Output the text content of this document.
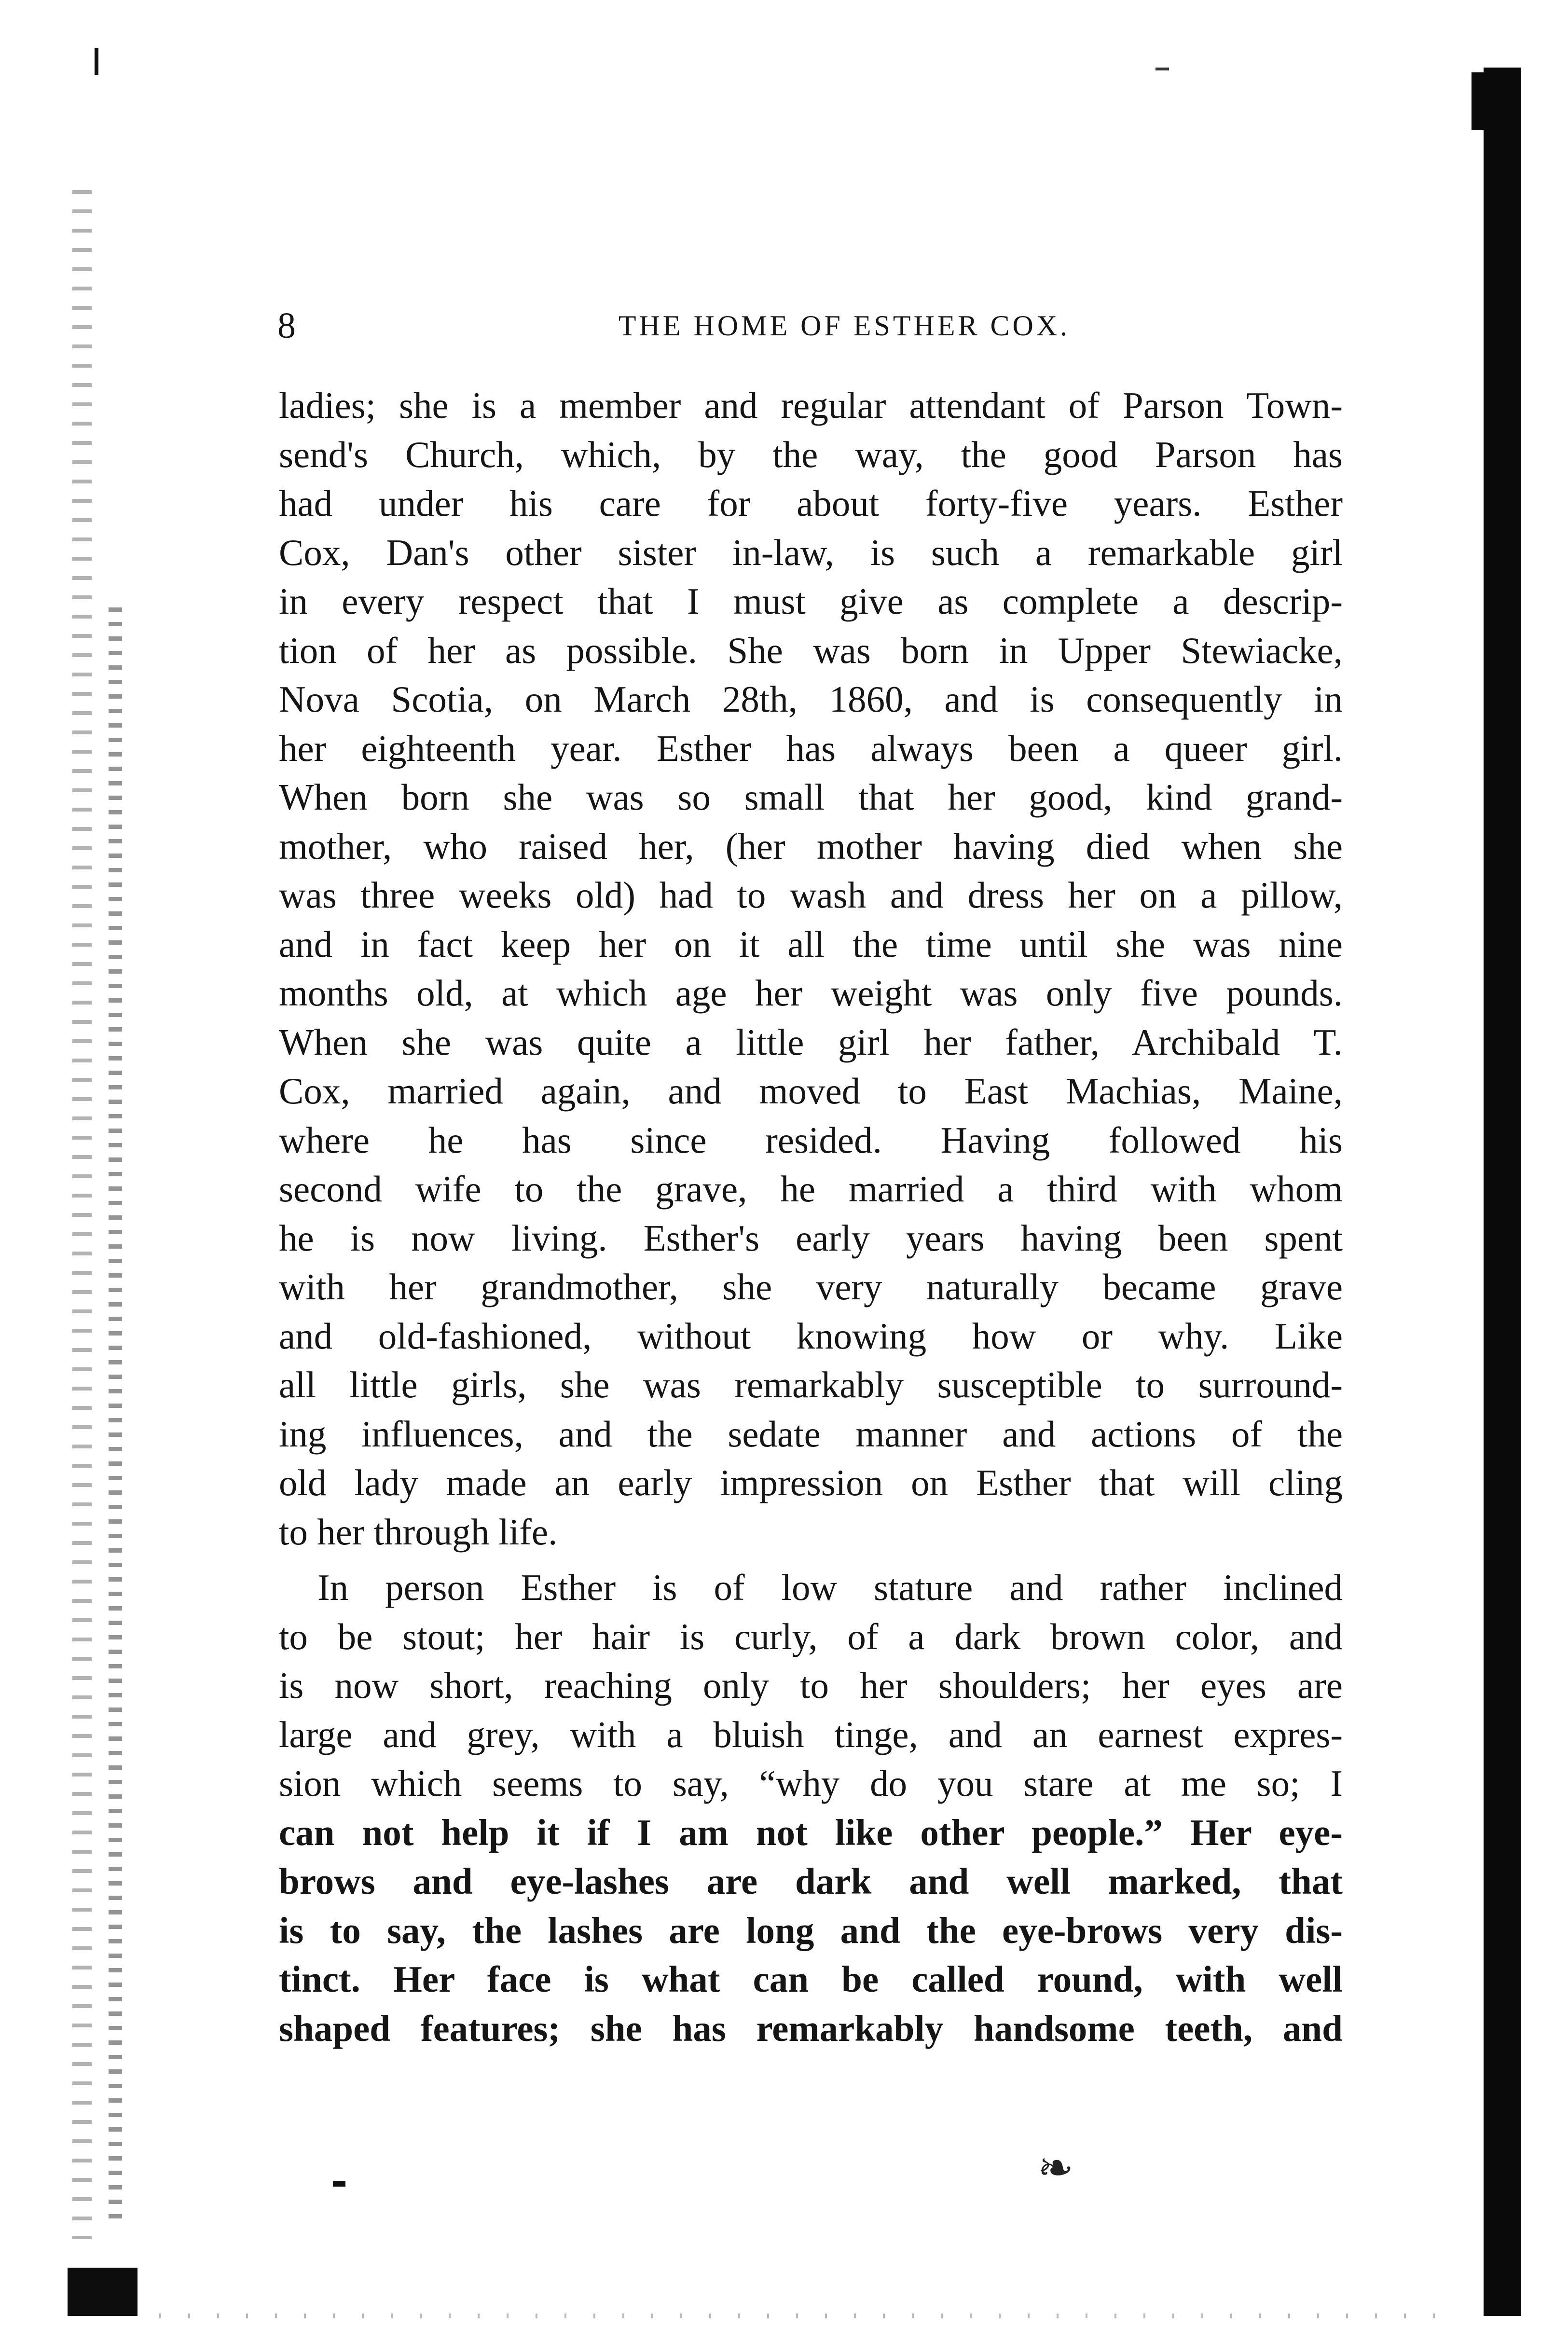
❧
8	THE HOME OF ESTHER COX.
ladies; she is a member and regular attendant of Parson Town-
send's Church, which, by the way, the good Parson has
had under his care for about forty-five years. Esther
Cox, Dan's other sister in-law, is such a remarkable girl
in every respect that I must give as complete a descrip-
tion of her as possible. She was born in Upper Stewiacke,
Nova Scotia, on March 28th, 1860, and is consequently in
her eighteenth year. Esther has always been a queer girl.
When born she was so small that her good, kind grand-
mother, who raised her, (her mother having died when she
was three weeks old) had to wash and dress her on a pillow,
and in fact keep her on it all the time until she was nine
months old, at which age her weight was only five pounds.
When she was quite a little girl her father, Archibald T.
Cox, married again, and moved to East Machias, Maine,
where he has since resided. Having followed his
second wife to the grave, he married a third with whom
he is now living. Esther's early years having been spent
with her grandmother, she very naturally became grave
and old-fashioned, without knowing how or why. Like
all little girls, she was remarkably susceptible to surround-
ing influences, and the sedate manner and actions of the
old lady made an early impression on Esther that will cling
to her through life.
In person Esther is of low stature and rather inclined
to be stout; her hair is curly, of a dark brown color, and
is now short, reaching only to her shoulders; her eyes are
large and grey, with a bluish tinge, and an earnest expres-
sion which seems to say, “why do you stare at me so; I
can not help it if I am not like other people.” Her eye-
brows and eye-lashes are dark and well marked, that
is to say, the lashes are long and the eye-brows very dis-
tinct. Her face is what can be called round, with well
shaped features; she has remarkably handsome teeth, and
